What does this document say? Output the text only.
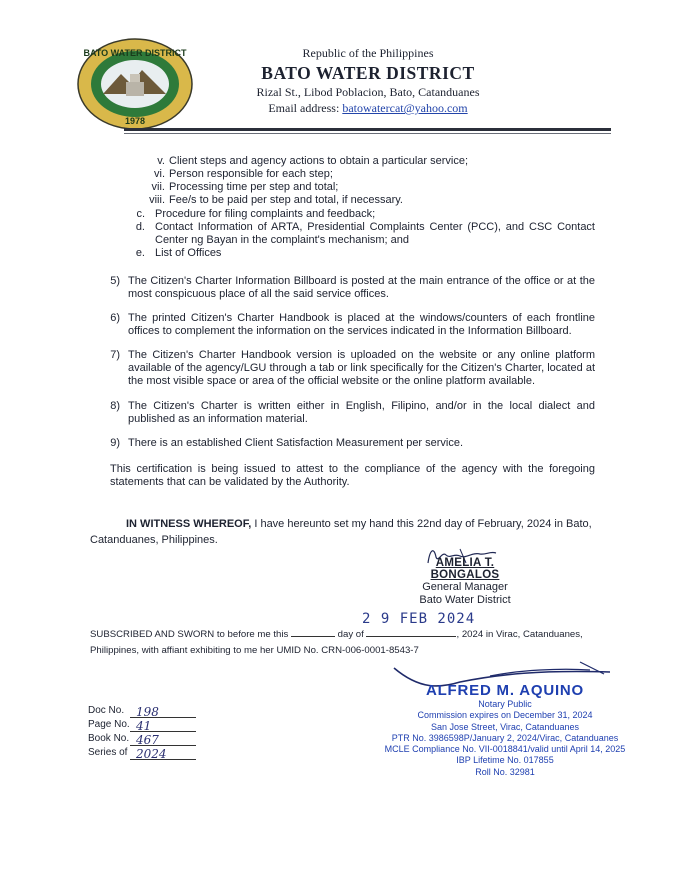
BATO WATER DISTRICT
1978
Republic of the Philippines
BATO WATER DISTRICT
Rizal St., Libod Poblacion, Bato, Catanduanes
Email address: batowatercat@yahoo.com
v. Client steps and agency actions to obtain a particular service;
vi. Person responsible for each step;
vii. Processing time per step and total;
viii. Fee/s to be paid per step and total, if necessary.
c. Procedure for filing complaints and feedback;
d. Contact Information of ARTA, Presidential Complaints Center (PCC), and CSC Contact Center ng Bayan in the complaint's mechanism; and
e. List of Offices
5) The Citizen's Charter Information Billboard is posted at the main entrance of the office or at the most conspicuous place of all the said service offices.
6) The printed Citizen's Charter Handbook is placed at the windows/counters of each frontline offices to complement the information on the services indicated in the Information Billboard.
7) The Citizen's Charter Handbook version is uploaded on the website or any online platform available of the agency/LGU through a tab or link specifically for the Citizen's Charter, located at the most visible space or area of the official website or the online platform available.
8) The Citizen's Charter is written either in English, Filipino, and/or in the local dialect and published as an information material.
9) There is an established Client Satisfaction Measurement per service.
This certification is being issued to attest to the compliance of the agency with the foregoing statements that can be validated by the Authority.
IN WITNESS WHEREOF, I have hereunto set my hand this 22nd day of February, 2024 in Bato,
Catanduanes, Philippines.
AMELIA T. BONGALOS
General Manager
Bato Water District
2 9 FEB 2024
SUBSCRIBED AND SWORN to before me this	day of	, 2024 in Virac, Catanduanes,
Philippines, with affiant exhibiting to me her UMID No. CRN-006-0001-8543-7
ALFRED M. AQUINO
Notary Public
Commission expires on December 31, 2024
San Jose Street, Virac, Catanduanes
PTR No. 3986598P/January 2, 2024/Virac, Catanduanes
MCLE Compliance No. VII-0018841/valid until April 14, 2025
IBP Lifetime No. 017855
Roll No. 32981
Doc No. 198
Page No. 41
Book No. 467
Series of 2024
